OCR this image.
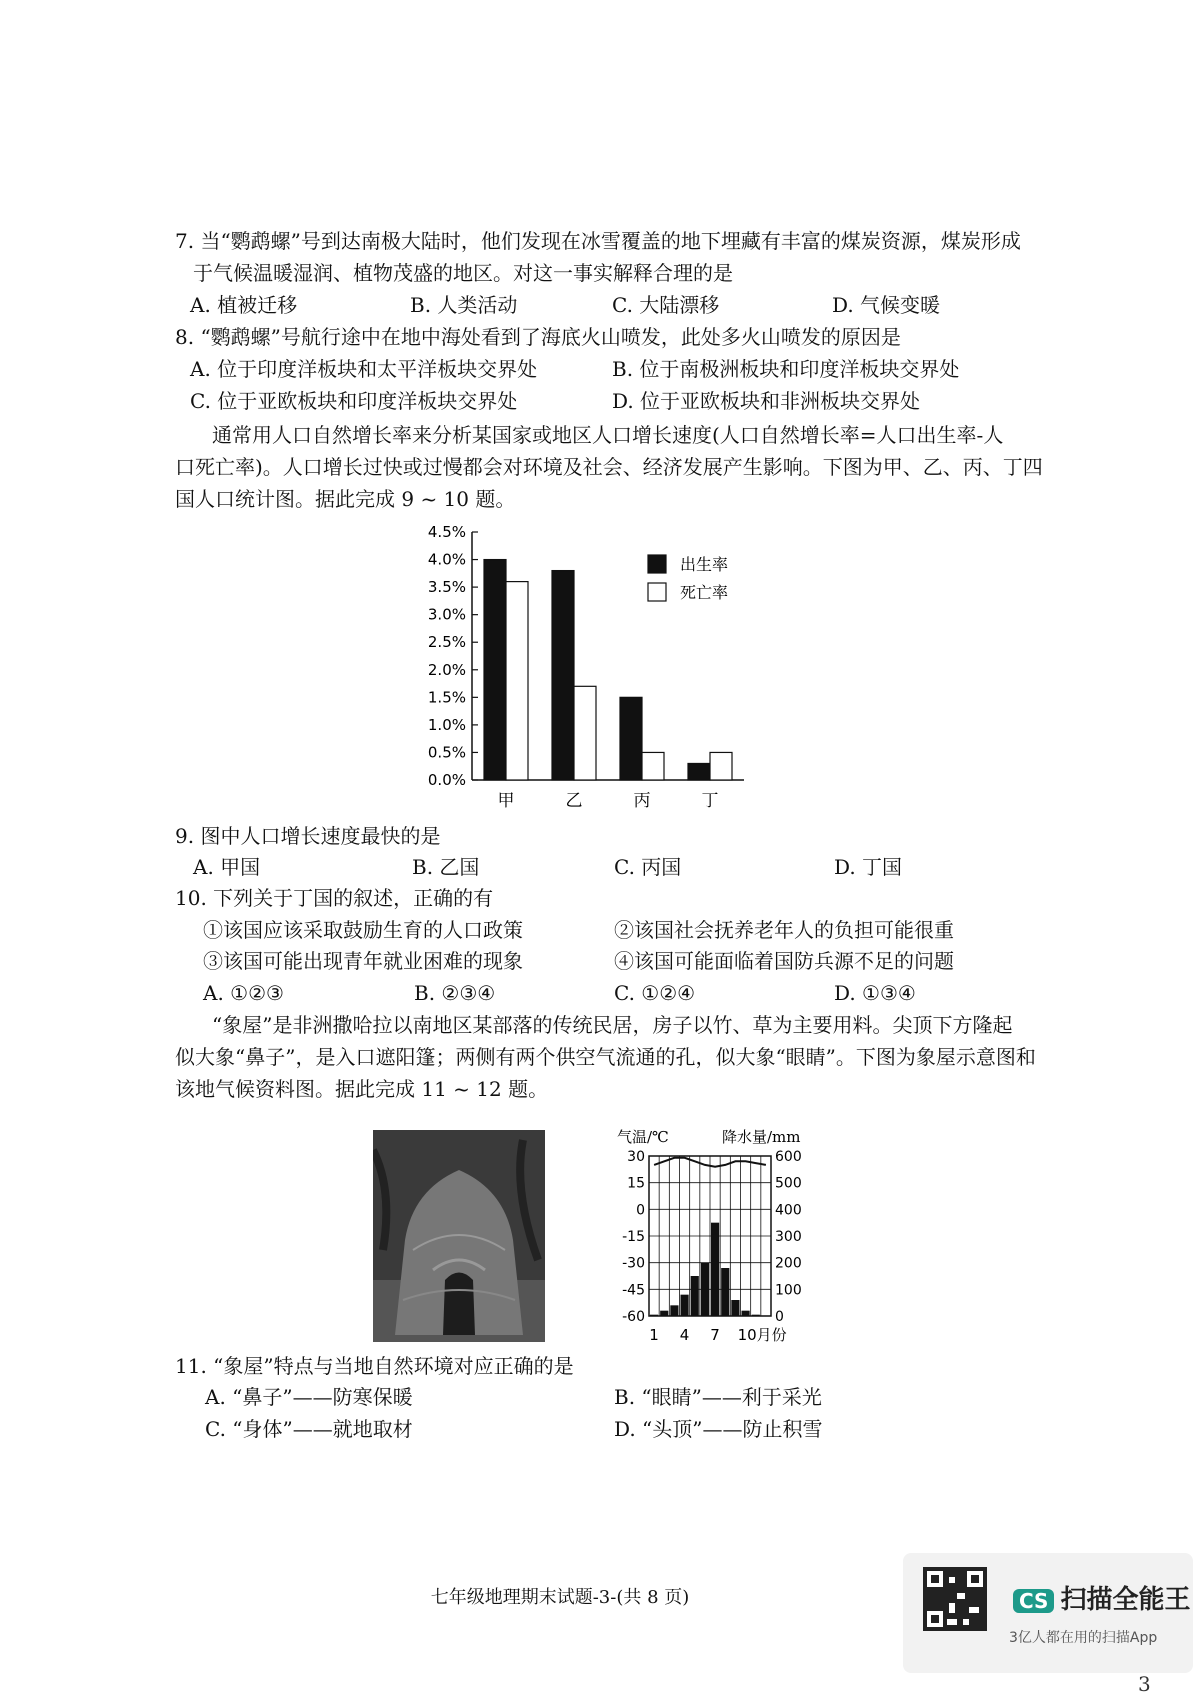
7. 当“鹦鹉螺”号到达南极大陆时，他们发现在冰雪覆盖的地下埋藏有丰富的煤炭资源，煤炭形成
于气候温暖湿润、植物茂盛的地区。对这一事实解释合理的是
A. 植被迁移	B. 人类活动	C. 大陆漂移	D. 气候变暖
8. “鹦鹉螺”号航行途中在地中海处看到了海底火山喷发，此处多火山喷发的原因是
A. 位于印度洋板块和太平洋板块交界处	B. 位于南极洲板块和印度洋板块交界处
C. 位于亚欧板块和印度洋板块交界处	D. 位于亚欧板块和非洲板块交界处
通常用人口自然增长率来分析某国家或地区人口增长速度(人口自然增长率=人口出生率-人
口死亡率)。人口增长过快或过慢都会对环境及社会、经济发展产生影响。下图为甲、乙、丙、丁四
国人口统计图。据此完成 9 ~ 10 题。
0.0%
0.5%
1.0%
1.5%
2.0%
2.5%
3.0%
3.5%
4.0%
4.5%
甲	乙	丙	丁
出生率
死亡率
9. 图中人口增长速度最快的是
A. 甲国	B. 乙国	C. 丙国	D. 丁国
10. 下列关于丁国的叙述，正确的有
①该国应该采取鼓励生育的人口政策	②该国社会抚养老年人的负担可能很重
③该国可能出现青年就业困难的现象	④该国可能面临着国防兵源不足的问题
A. ①②③	B. ②③④	C. ①②④	D. ①③④
“象屋”是非洲撒哈拉以南地区某部落的传统民居，房子以竹、草为主要用料。尖顶下方隆起
似大象“鼻子”，是入口遮阳篷；两侧有两个供空气流通的孔，似大象“眼睛”。下图为象屋示意图和
该地气候资料图。据此完成 11 ~ 12 题。
气温/℃	降水量/mm
30
15
0
-15
-30
-45
-60
600
500
400
300
200
100
0
1 4 7 10月份
11. “象屋”特点与当地自然环境对应正确的是
A. “鼻子”——防寒保暖	B. “眼睛”——利于采光
C. “身体”——就地取材	D. “头顶”——防止积雪
七年级地理期末试题-3-(共 8 页)	CS 扫描全能王
3亿人都在用的扫描App
3
